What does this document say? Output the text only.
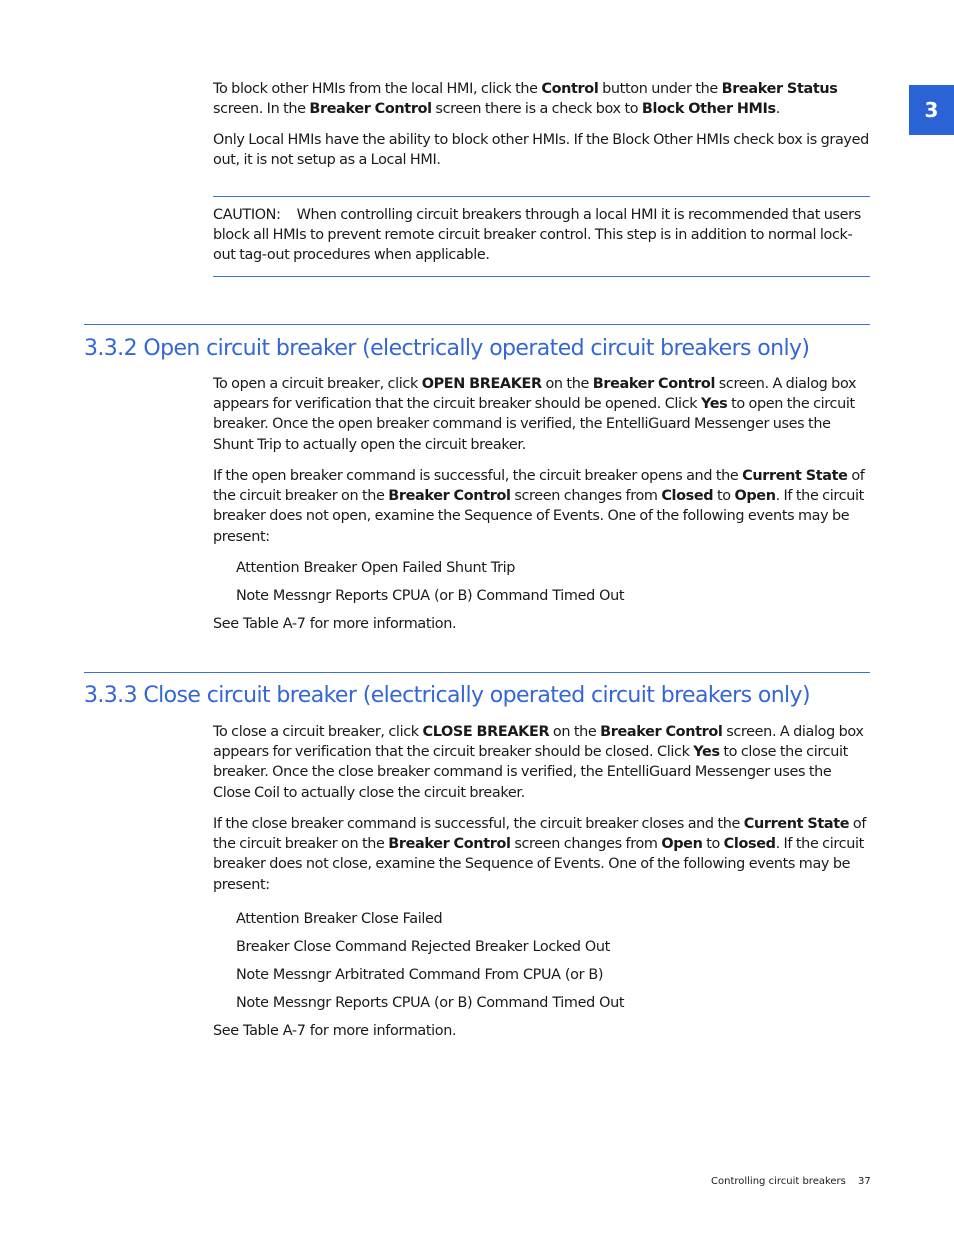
3

To block other HMIs from the local HMI, click the Control button under the Breaker Status screen. In the Breaker Control screen there is a check box to Block Other HMIs.

Only Local HMIs have the ability to block other HMIs. If the Block Other HMIs check box is grayed out, it is not setup as a Local HMI.

CAUTION: When controlling circuit breakers through a local HMI it is recommended that users block all HMIs to prevent remote circuit breaker control. This step is in addition to normal lock-out tag-out procedures when applicable.

3.3.2 Open circuit breaker (electrically operated circuit breakers only)

To open a circuit breaker, click OPEN BREAKER on the Breaker Control screen. A dialog box appears for verification that the circuit breaker should be opened. Click Yes to open the circuit breaker. Once the open breaker command is verified, the EntelliGuard Messenger uses the Shunt Trip to actually open the circuit breaker.

If the open breaker command is successful, the circuit breaker opens and the Current State of the circuit breaker on the Breaker Control screen changes from Closed to Open. If the circuit breaker does not open, examine the Sequence of Events. One of the following events may be present:

Attention Breaker Open Failed Shunt Trip
Note Messngr Reports CPUA (or B) Command Timed Out
See Table A-7 for more information.
3.3.3 Close circuit breaker (electrically operated circuit breakers only)

To close a circuit breaker, click CLOSE BREAKER on the Breaker Control screen. A dialog box appears for verification that the circuit breaker should be closed. Click Yes to close the circuit breaker. Once the close breaker command is verified, the EntelliGuard Messenger uses the Close Coil to actually close the circuit breaker.

If the close breaker command is successful, the circuit breaker closes and the Current State of the circuit breaker on the Breaker Control screen changes from Open to Closed. If the circuit breaker does not close, examine the Sequence of Events. One of the following events may be present:

Attention Breaker Close Failed
Breaker Close Command Rejected Breaker Locked Out
Note Messngr Arbitrated Command From CPUA (or B)
Note Messngr Reports CPUA (or B) Command Timed Out
See Table A-7 for more information.
Controlling circuit breakers 37
